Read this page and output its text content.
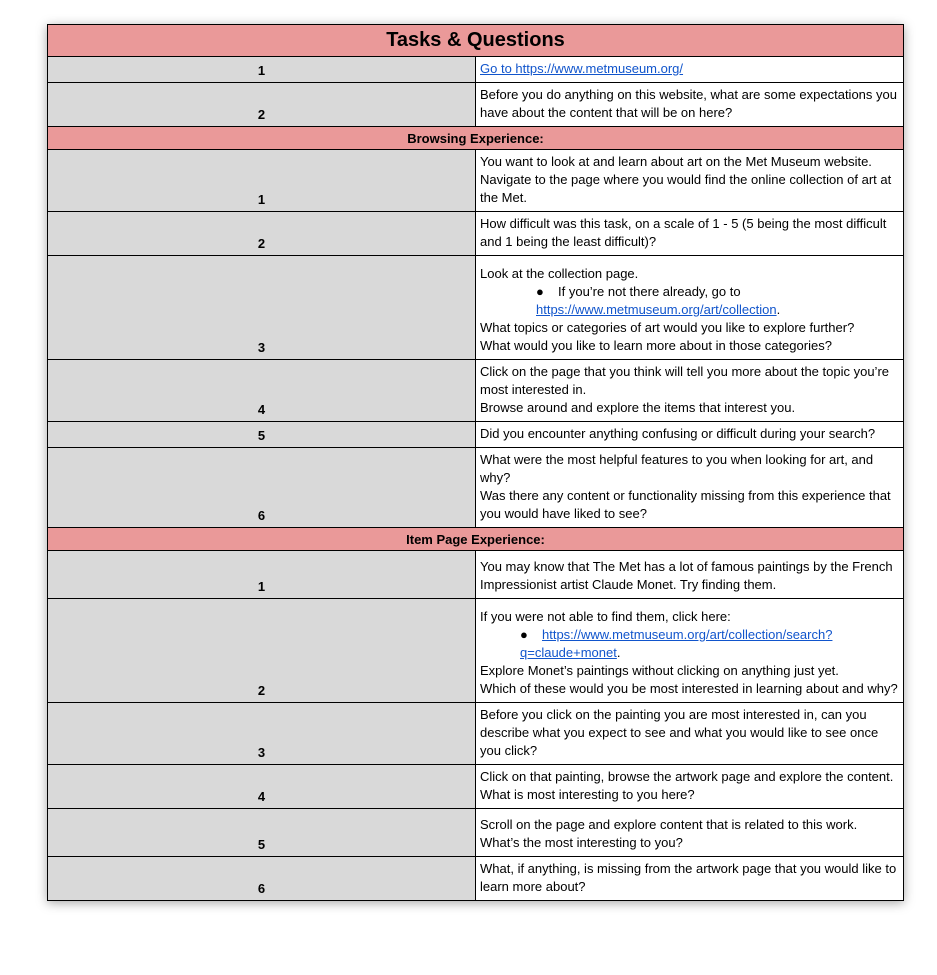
Tasks & Questions	
1	Go to https://www.metmuseum.org/
2	Before you do anything on this website, what are some expectations you have about the content that will be on here?
Browsing Experience:	
1	You want to look at and learn about art on the Met Museum website.
Navigate to the page where you would find the online collection of art at the Met.

2	How difficult was this task, on a scale of 1 - 5 (5 being the most difficult and 1 being the least difficult)?
3	Look at the collection page.
● If you’re not there already, go to https://www.metmuseum.org/art/collection.
What topics or categories of art would you like to explore further?
What would you like to learn more about in those categories?

4	Click on the page that you think will tell you more about the topic you’re most interested in.
Browse around and explore the items that interest you.

5	Did you encounter anything confusing or difficult during your search?
6	What were the most helpful features to you when looking for art, and why?
Was there any content or functionality missing from this experience that you would have liked to see?

Item Page Experience:	
1	You may know that The Met has a lot of famous paintings by the French Impressionist artist Claude Monet. Try finding them.
2	If you were not able to find them, click here:
● https://www.metmuseum.org/art/collection/search?q=claude+monet.
Explore Monet’s paintings without clicking on anything just yet.
Which of these would you be most interested in learning about and why?

3	Before you click on the painting you are most interested in, can you describe what you expect to see and what you would like to see once you click?
4	Click on that painting, browse the artwork page and explore the content.
What is most interesting to you here?

5	Scroll on the page and explore content that is related to this work.
What’s the most interesting to you?

6	What, if anything, is missing from the artwork page that you would like to learn more about?
